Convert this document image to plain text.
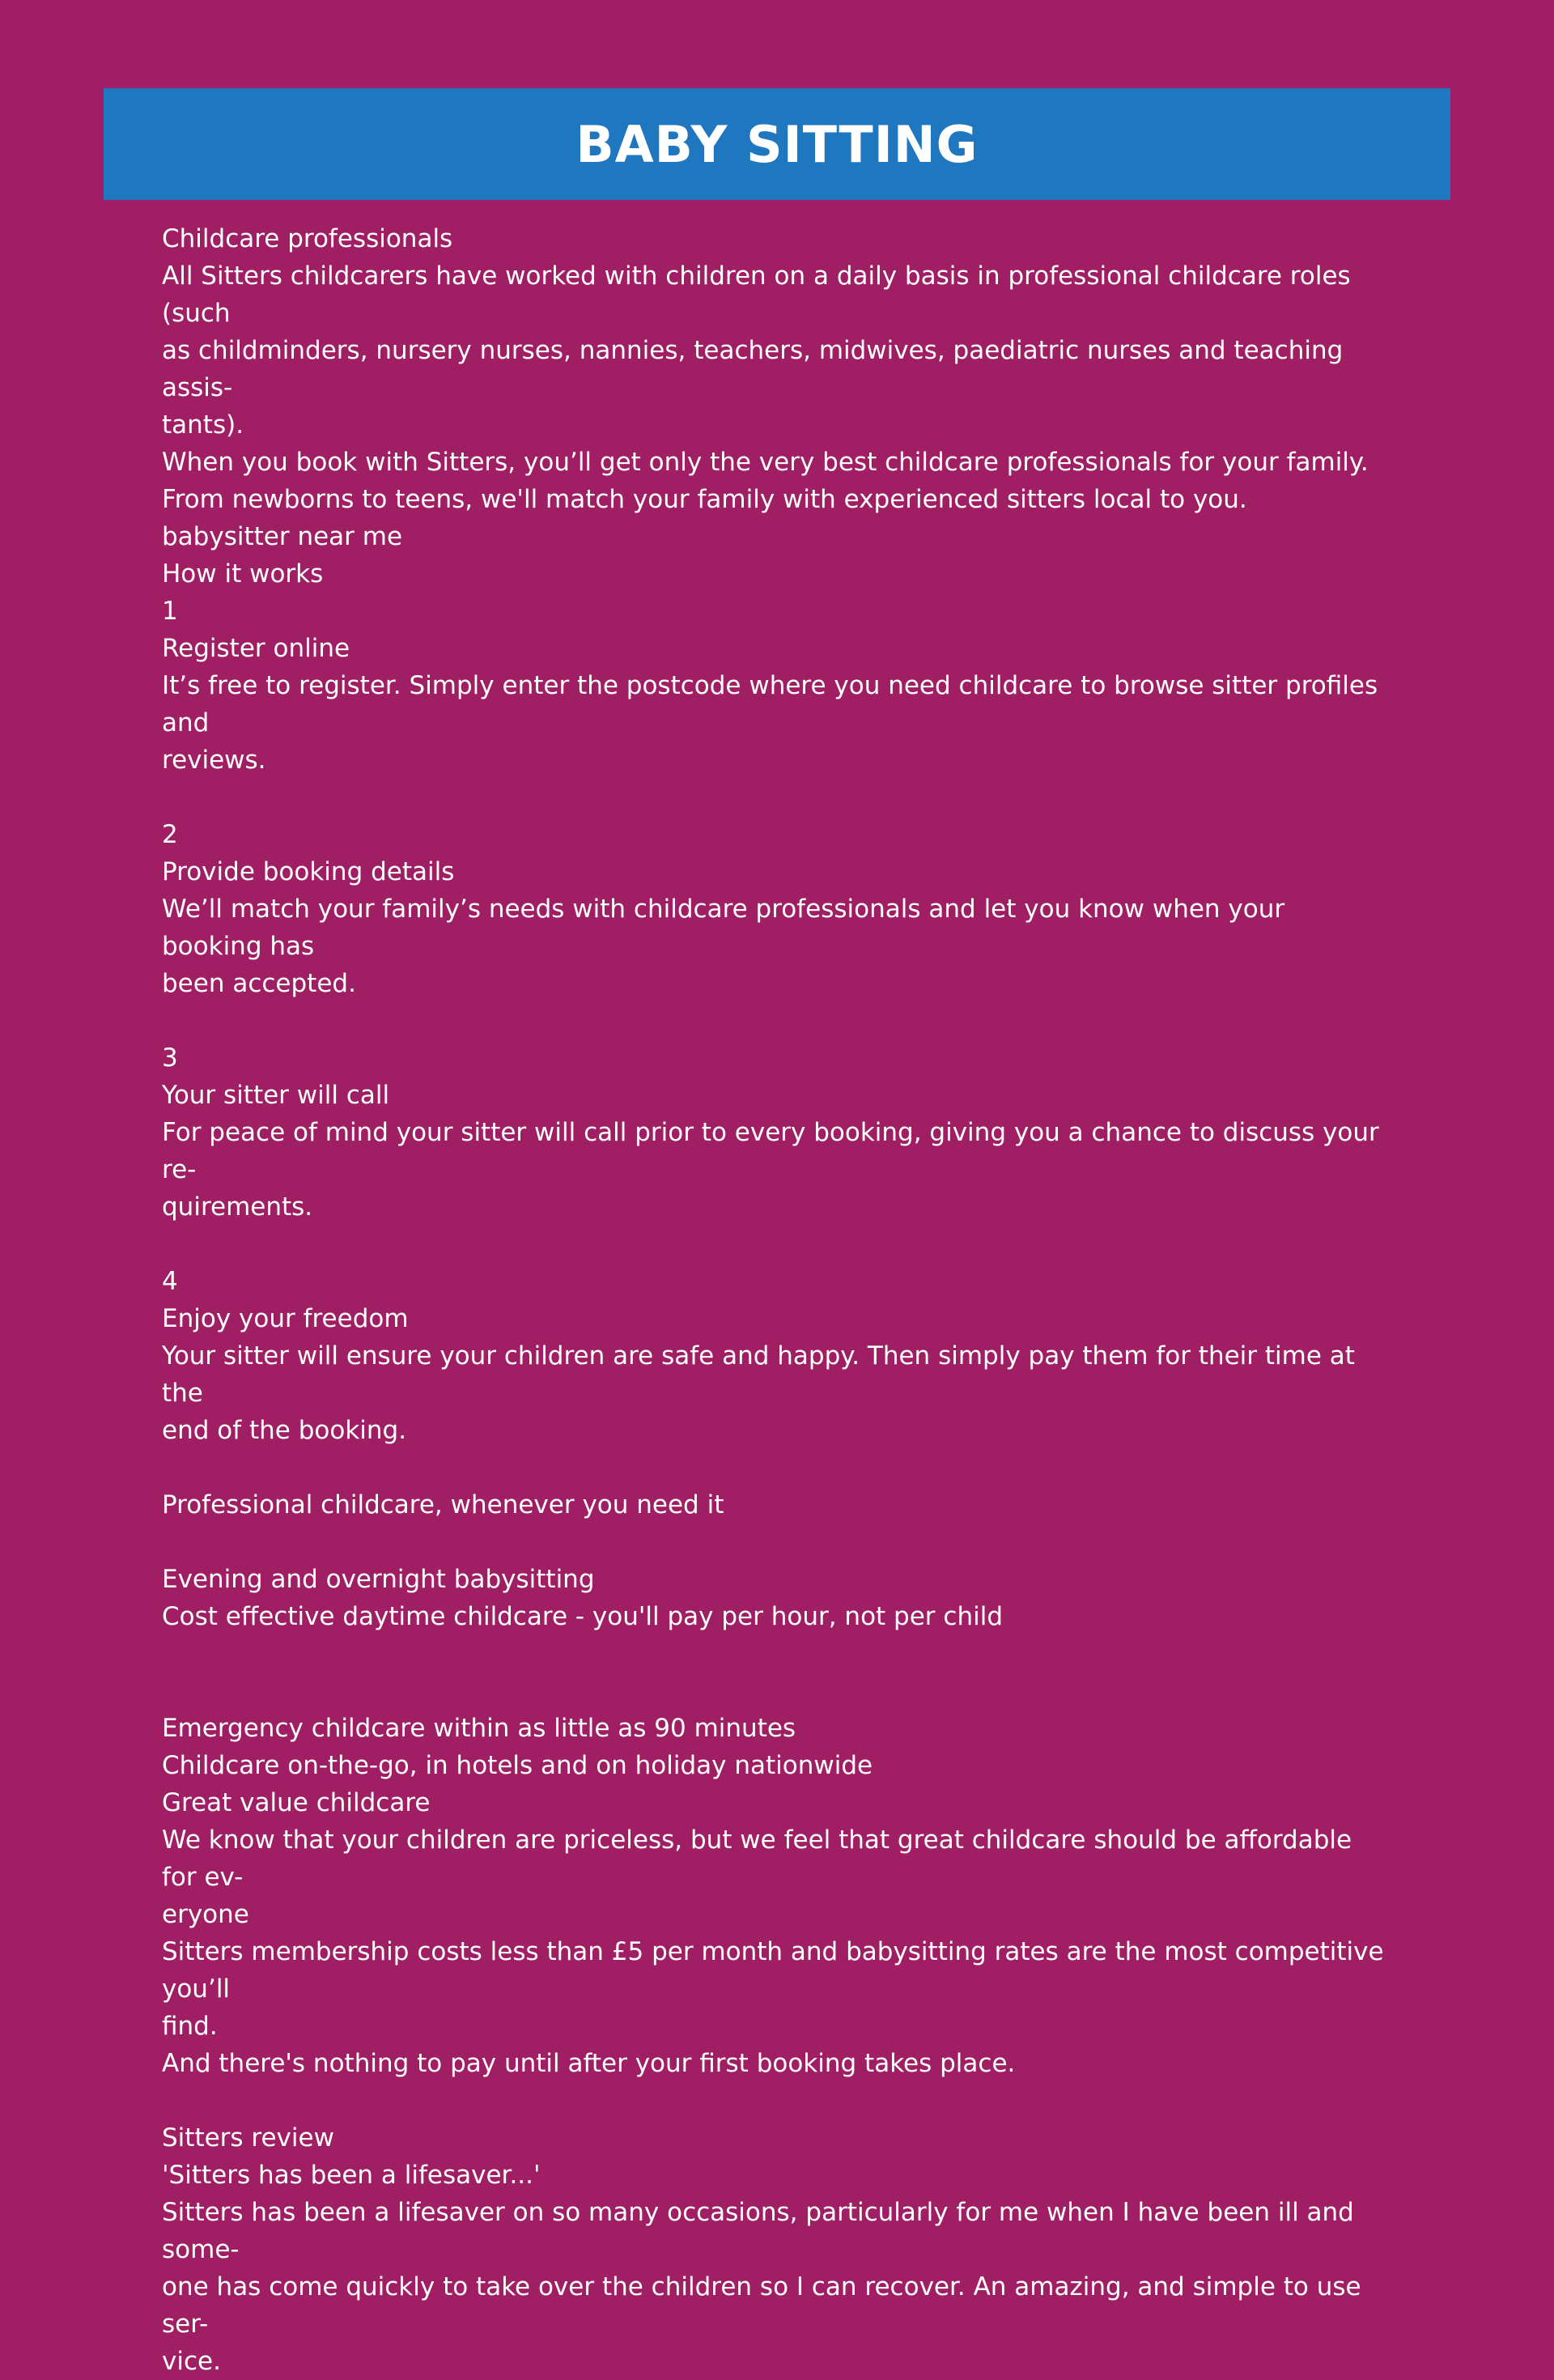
BABY SITTING
Childcare professionals
All Sitters childcarers have worked with children on a daily basis in professional childcare roles (such
as childminders, nursery nurses, nannies, teachers, midwives, paediatric nurses and teaching assis-
tants).
When you book with Sitters, you’ll get only the very best childcare professionals for your family.
From newborns to teens, we'll match your family with experienced sitters local to you.
babysitter near me
How it works
1
Register online
It’s free to register. Simply enter the postcode where you need childcare to browse sitter profiles and
reviews.
2
Provide booking details
We’ll match your family’s needs with childcare professionals and let you know when your booking has
been accepted.
3
Your sitter will call
For peace of mind your sitter will call prior to every booking, giving you a chance to discuss your re-
quirements.
4
Enjoy your freedom
Your sitter will ensure your children are safe and happy. Then simply pay them for their time at the
end of the booking.
Professional childcare, whenever you need it
Evening and overnight babysitting
Cost effective daytime childcare - you'll pay per hour, not per child
Emergency childcare within as little as 90 minutes
Childcare on-the-go, in hotels and on holiday nationwide
Great value childcare
We know that your children are priceless, but we feel that great childcare should be affordable for ev-
eryone
Sitters membership costs less than £5 per month and babysitting rates are the most competitive you’ll
find.
And there's nothing to pay until after your first booking takes place.
Sitters review
'Sitters has been a lifesaver...'
Sitters has been a lifesaver on so many occasions, particularly for me when I have been ill and some-
one has come quickly to take over the children so I can recover. An amazing, and simple to use ser-
vice.
